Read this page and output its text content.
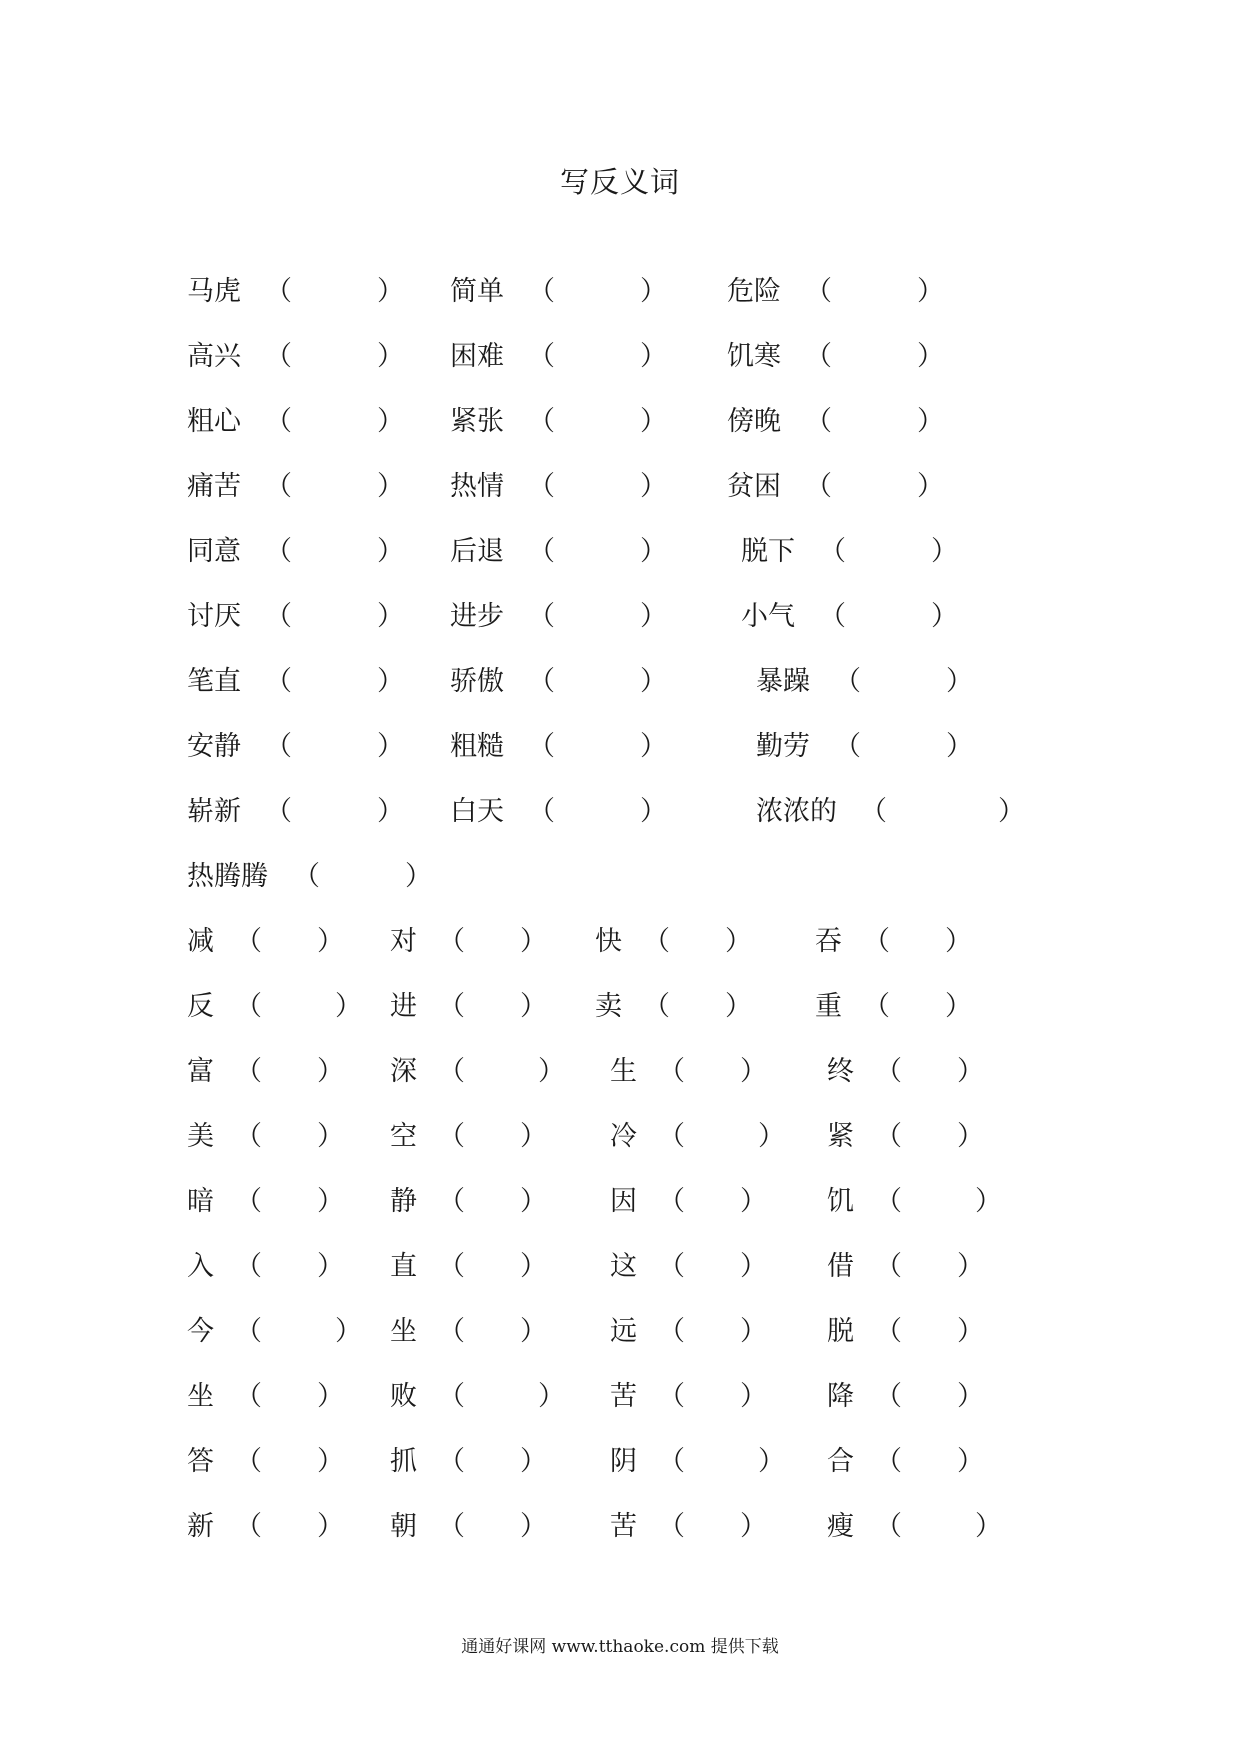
写反义词
马虎 （	） 简单 （	） 危险 （	）
高兴 （	） 困难 （	） 饥寒 （	）
粗心 （	） 紧张 （	） 傍晚 （	）
痛苦 （	） 热情 （	） 贫困 （	）
同意 （	） 后退 （	）	脱下 （	）
讨厌 （	） 进步 （	）	小气 （	）
笔直 （	） 骄傲 （	）	暴躁 （	）
安静 （	） 粗糙 （	）	勤劳 （	）
崭新 （	） 白天 （	）	浓浓的 （	）
热腾腾 （	）
减 （ ） 对 （ ） 快 （ ） 吞 （ ）
反 （	） 进 （ ） 卖 （ ） 重 （ ）
富 （ ） 深 （	） 生 （ ） 终 （ ）
美 （ ） 空 （ ） 冷 （	） 紧 （ ）
暗 （ ） 静 （ ） 因 （ ） 饥 （	）
入 （ ） 直 （ ） 这 （ ） 借 （ ）
今 （	） 坐 （ ） 远 （ ） 脱 （ ）
坐 （ ） 败 （	） 苦 （ ） 降 （ ）
答 （ ） 抓 （ ） 阴 （	） 合 （ ）
新 （ ） 朝 （ ） 苦 （ ） 瘦 （	）
通通好课网 www.tthaoke.com 提供下载
